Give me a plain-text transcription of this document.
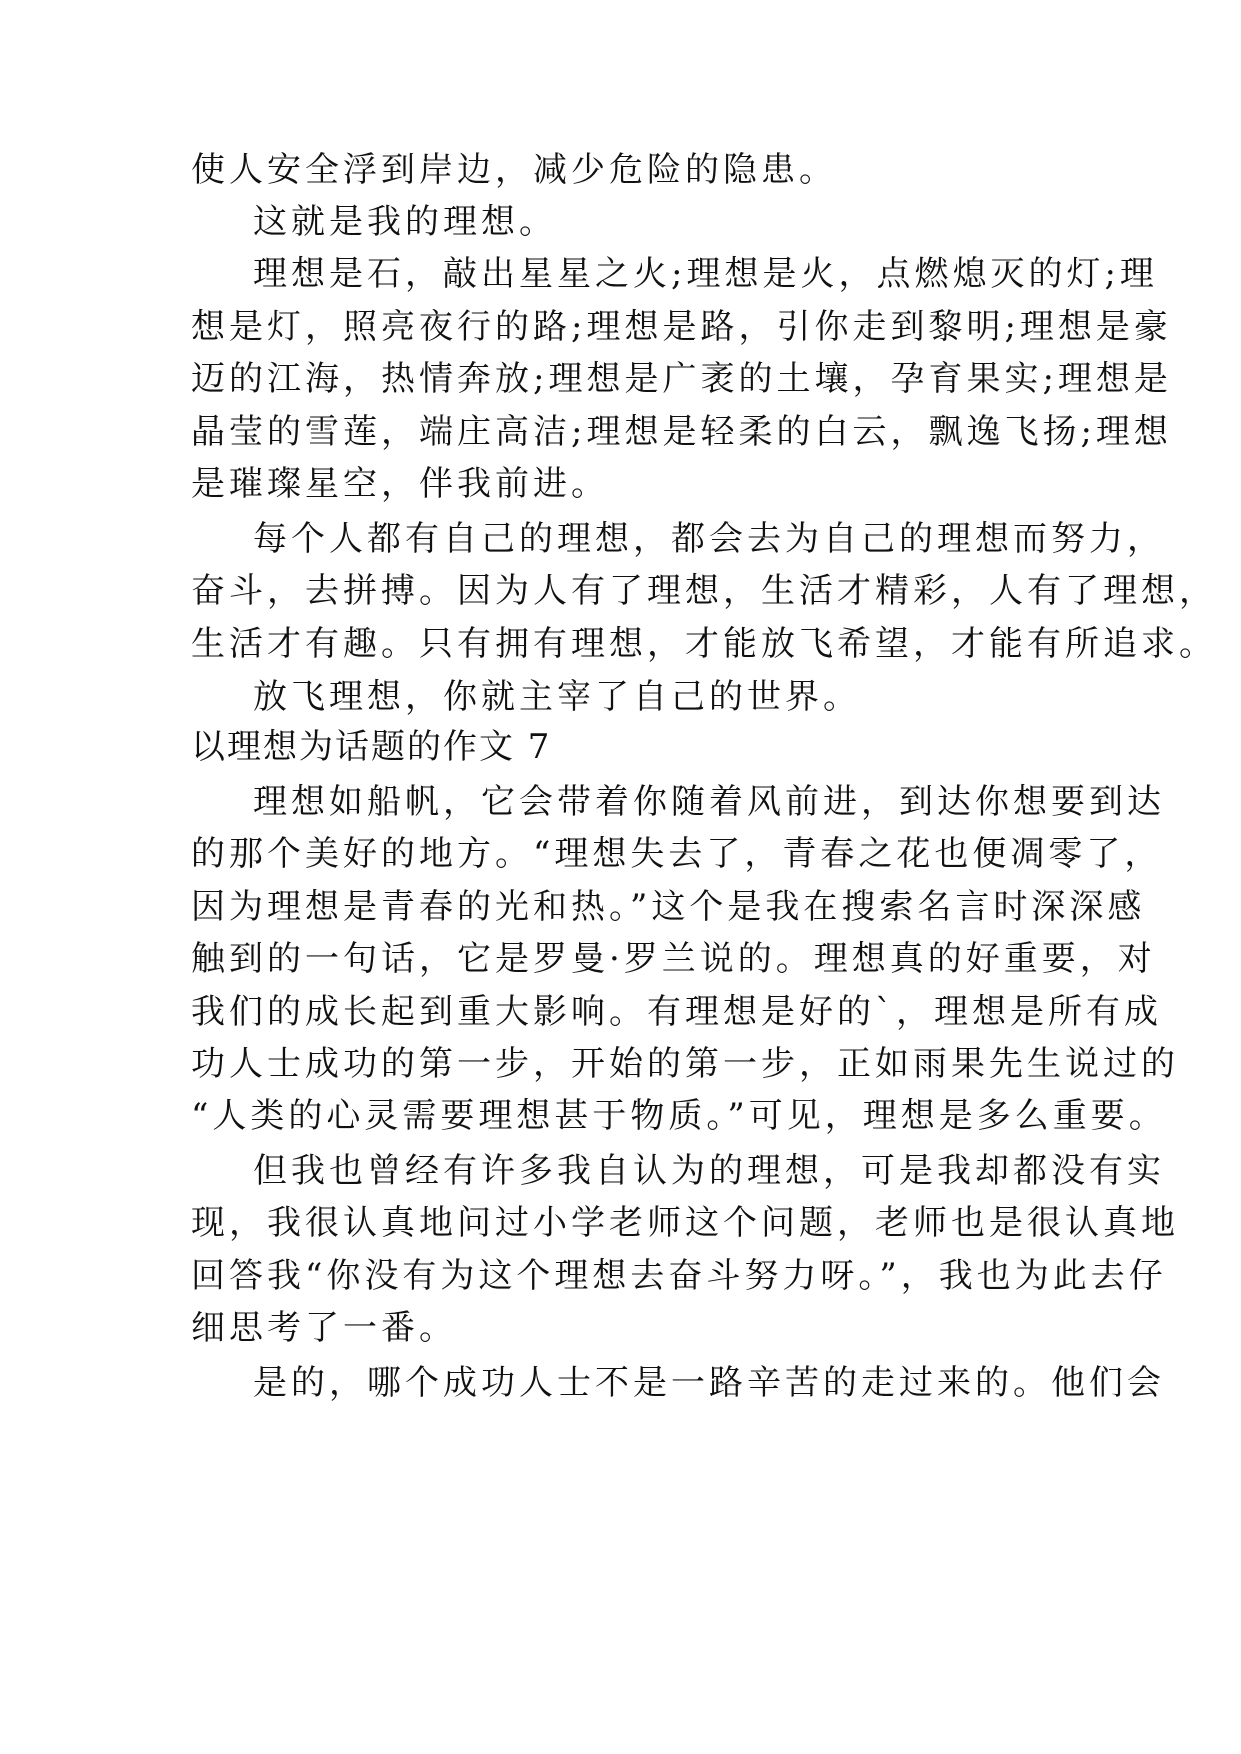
使人安全浮到岸边，减少危险的隐患。
这就是我的理想。
理想是石，敲出星星之火;理想是火，点燃熄灭的灯;理
想是灯，照亮夜行的路;理想是路，引你走到黎明;理想是豪
迈的江海，热情奔放;理想是广袤的土壤，孕育果实;理想是
晶莹的雪莲，端庄高洁;理想是轻柔的白云，飘逸飞扬;理想
是璀璨星空，伴我前进。
每个人都有自己的理想，都会去为自己的理想而努力，
奋斗，去拼搏。因为人有了理想，生活才精彩，人有了理想，
生活才有趣。只有拥有理想，才能放飞希望，才能有所追求。
放飞理想，你就主宰了自己的世界。
以理想为话题的作文 7
理想如船帆，它会带着你随着风前进，到达你想要到达
的那个美好的地方。“理想失去了，青春之花也便凋零了，
因为理想是青春的光和热。”这个是我在搜索名言时深深感
触到的一句话，它是罗曼·罗兰说的。理想真的好重要，对
我们的成长起到重大影响。有理想是好的`，理想是所有成
功人士成功的第一步，开始的第一步，正如雨果先生说过的
“人类的心灵需要理想甚于物质。”可见，理想是多么重要。
但我也曾经有许多我自认为的理想，可是我却都没有实
现，我很认真地问过小学老师这个问题，老师也是很认真地
回答我“你没有为这个理想去奋斗努力呀。”，我也为此去仔
细思考了一番。
是的，哪个成功人士不是一路辛苦的走过来的。他们会
